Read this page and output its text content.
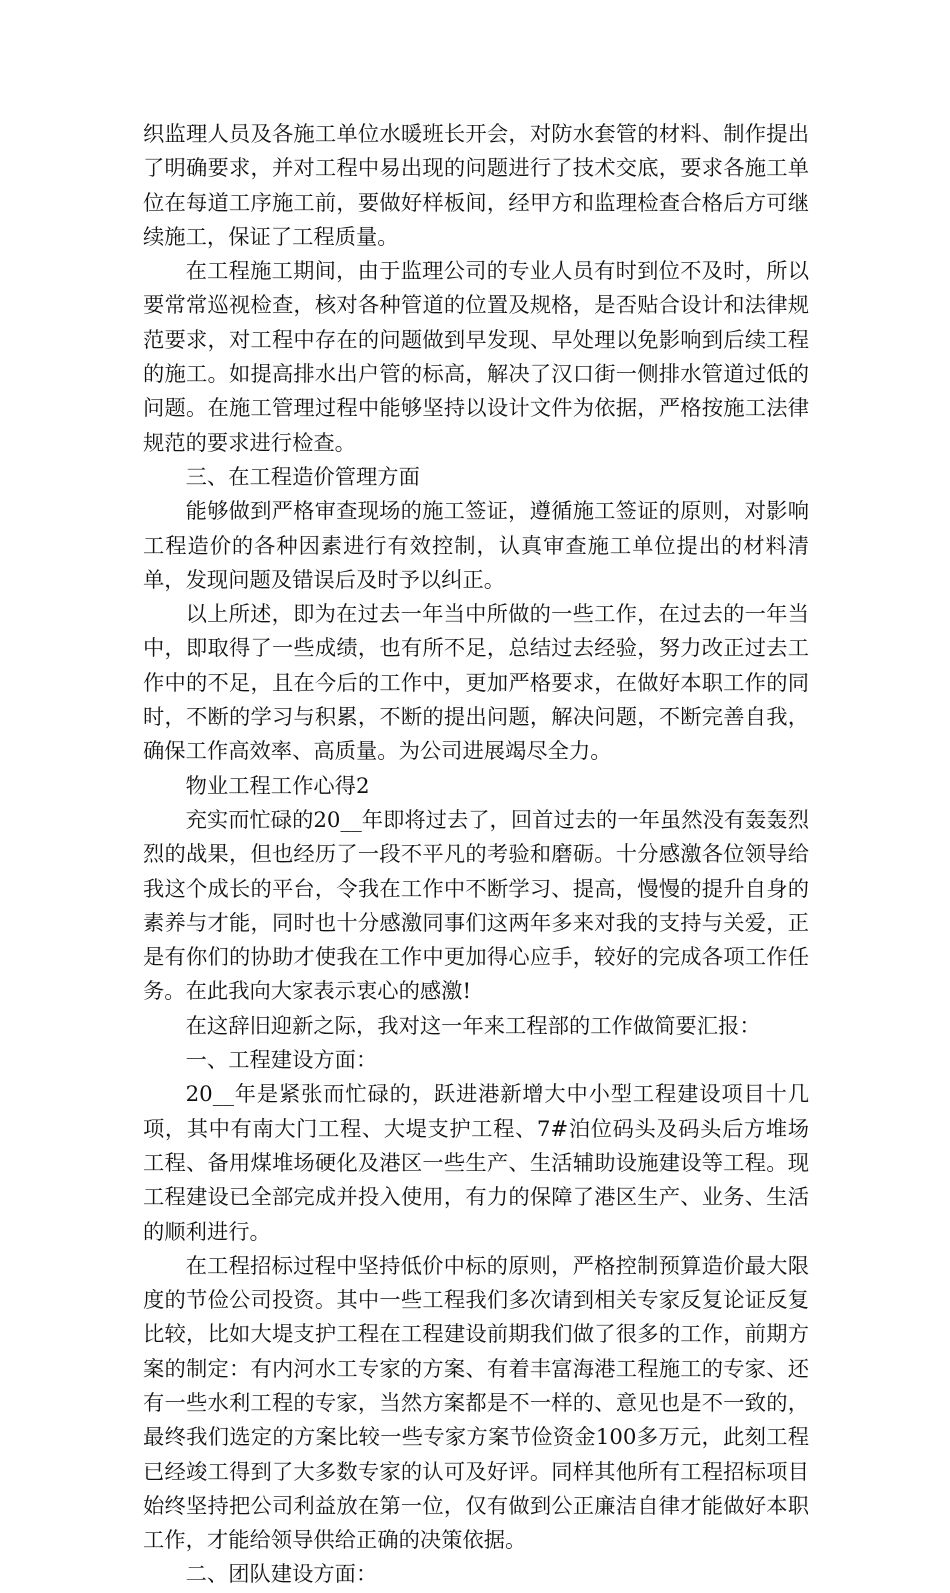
织监理人员及各施工单位水暖班长开会，对防水套管的材料、制作提出了明确要求，并对工程中易出现的问题进行了技术交底，要求各施工单位在每道工序施工前，要做好样板间，经甲方和监理检查合格后方可继续施工，保证了工程质量。

在工程施工期间，由于监理公司的专业人员有时到位不及时，所以要常常巡视检查，核对各种管道的位置及规格，是否贴合设计和法律规范要求，对工程中存在的问题做到早发现、早处理以免影响到后续工程的施工。如提高排水出户管的标高，解决了汉口街一侧排水管道过低的问题。在施工管理过程中能够坚持以设计文件为依据，严格按施工法律规范的要求进行检查。

三、在工程造价管理方面

能够做到严格审查现场的施工签证，遵循施工签证的原则，对影响工程造价的各种因素进行有效控制，认真审查施工单位提出的材料清单，发现问题及错误后及时予以纠正。

以上所述，即为在过去一年当中所做的一些工作，在过去的一年当中，即取得了一些成绩，也有所不足，总结过去经验，努力改正过去工作中的不足，且在今后的工作中，更加严格要求，在做好本职工作的同时，不断的学习与积累，不断的提出问题，解决问题，不断完善自我，确保工作高效率、高质量。为公司进展竭尽全力。

物业工程工作心得2

充实而忙碌的20__年即将过去了，回首过去的一年虽然没有轰轰烈烈的战果，但也经历了一段不平凡的考验和磨砺。十分感激各位领导给我这个成长的平台，令我在工作中不断学习、提高，慢慢的提升自身的素养与才能，同时也十分感激同事们这两年多来对我的支持与关爱，正是有你们的协助才使我在工作中更加得心应手，较好的完成各项工作任务。在此我向大家表示衷心的感激!

在这辞旧迎新之际，我对这一年来工程部的工作做简要汇报：

一、工程建设方面：

20__年是紧张而忙碌的，跃进港新增大中小型工程建设项目十几项，其中有南大门工程、大堤支护工程、7#泊位码头及码头后方堆场工程、备用煤堆场硬化及港区一些生产、生活辅助设施建设等工程。现工程建设已全部完成并投入使用，有力的保障了港区生产、业务、生活的顺利进行。

在工程招标过程中坚持低价中标的原则，严格控制预算造价最大限度的节俭公司投资。其中一些工程我们多次请到相关专家反复论证反复比较，比如大堤支护工程在工程建设前期我们做了很多的工作，前期方案的制定：有内河水工专家的方案、有着丰富海港工程施工的专家、还有一些水利工程的专家，当然方案都是不一样的、意见也是不一致的，最终我们选定的方案比较一些专家方案节俭资金100多万元，此刻工程已经竣工得到了大多数专家的认可及好评。同样其他所有工程招标项目始终坚持把公司利益放在第一位，仅有做到公正廉洁自律才能做好本职工作，才能给领导供给正确的决策依据。

二、团队建设方面：
